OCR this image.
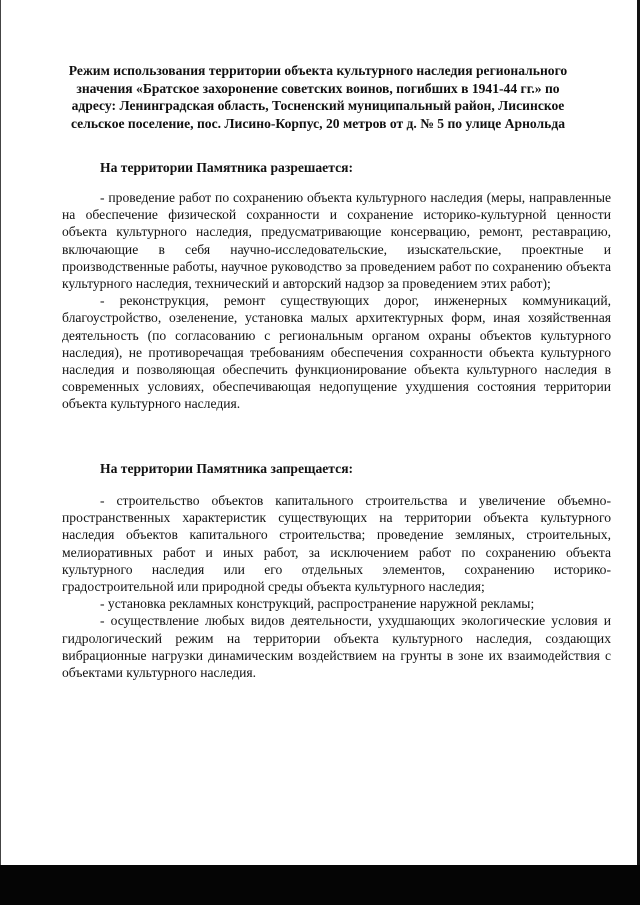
Режим использования территории объекта культурного наследия регионального значения «Братское захоронение советских воинов, погибших в 1941-44 гг.» по адресу: Ленинградская область, Тосненский муниципальный район, Лисинское сельское поселение, пос. Лисино-Корпус, 20 метров от д. № 5 по улице Арнольда
На территории Памятника разрешается:

- проведение работ по сохранению объекта культурного наследия (меры, направленные на обеспечение физической сохранности и сохранение историко-культурной ценности объекта культурного наследия, предусматривающие консервацию, ремонт, реставрацию, включающие в себя научно-исследовательские, изыскательские, проектные и производственные работы, научное руководство за проведением работ по сохранению объекта культурного наследия, технический и авторский надзор за проведением этих работ);

- реконструкция, ремонт существующих дорог, инженерных коммуникаций, благоустройство, озеленение, установка малых архитектурных форм, иная хозяйственная деятельность (по согласованию с региональным органом охраны объектов культурного наследия), не противоречащая требованиям обеспечения сохранности объекта культурного наследия и позволяющая обеспечить функционирование объекта культурного наследия в современных условиях, обеспечивающая недопущение ухудшения состояния территории объекта культурного наследия.

На территории Памятника запрещается:

- строительство объектов капитального строительства и увеличение объемно-пространственных характеристик существующих на территории объекта культурного наследия объектов капитального строительства; проведение земляных, строительных, мелиоративных работ и иных работ, за исключением работ по сохранению объекта культурного наследия или его отдельных элементов, сохранению историко-градостроительной или природной среды объекта культурного наследия;

- установка рекламных конструкций, распространение наружной рекламы;

- осуществление любых видов деятельности, ухудшающих экологические условия и гидрологический режим на территории объекта культурного наследия, создающих вибрационные нагрузки динамическим воздействием на грунты в зоне их взаимодействия с объектами культурного наследия.
